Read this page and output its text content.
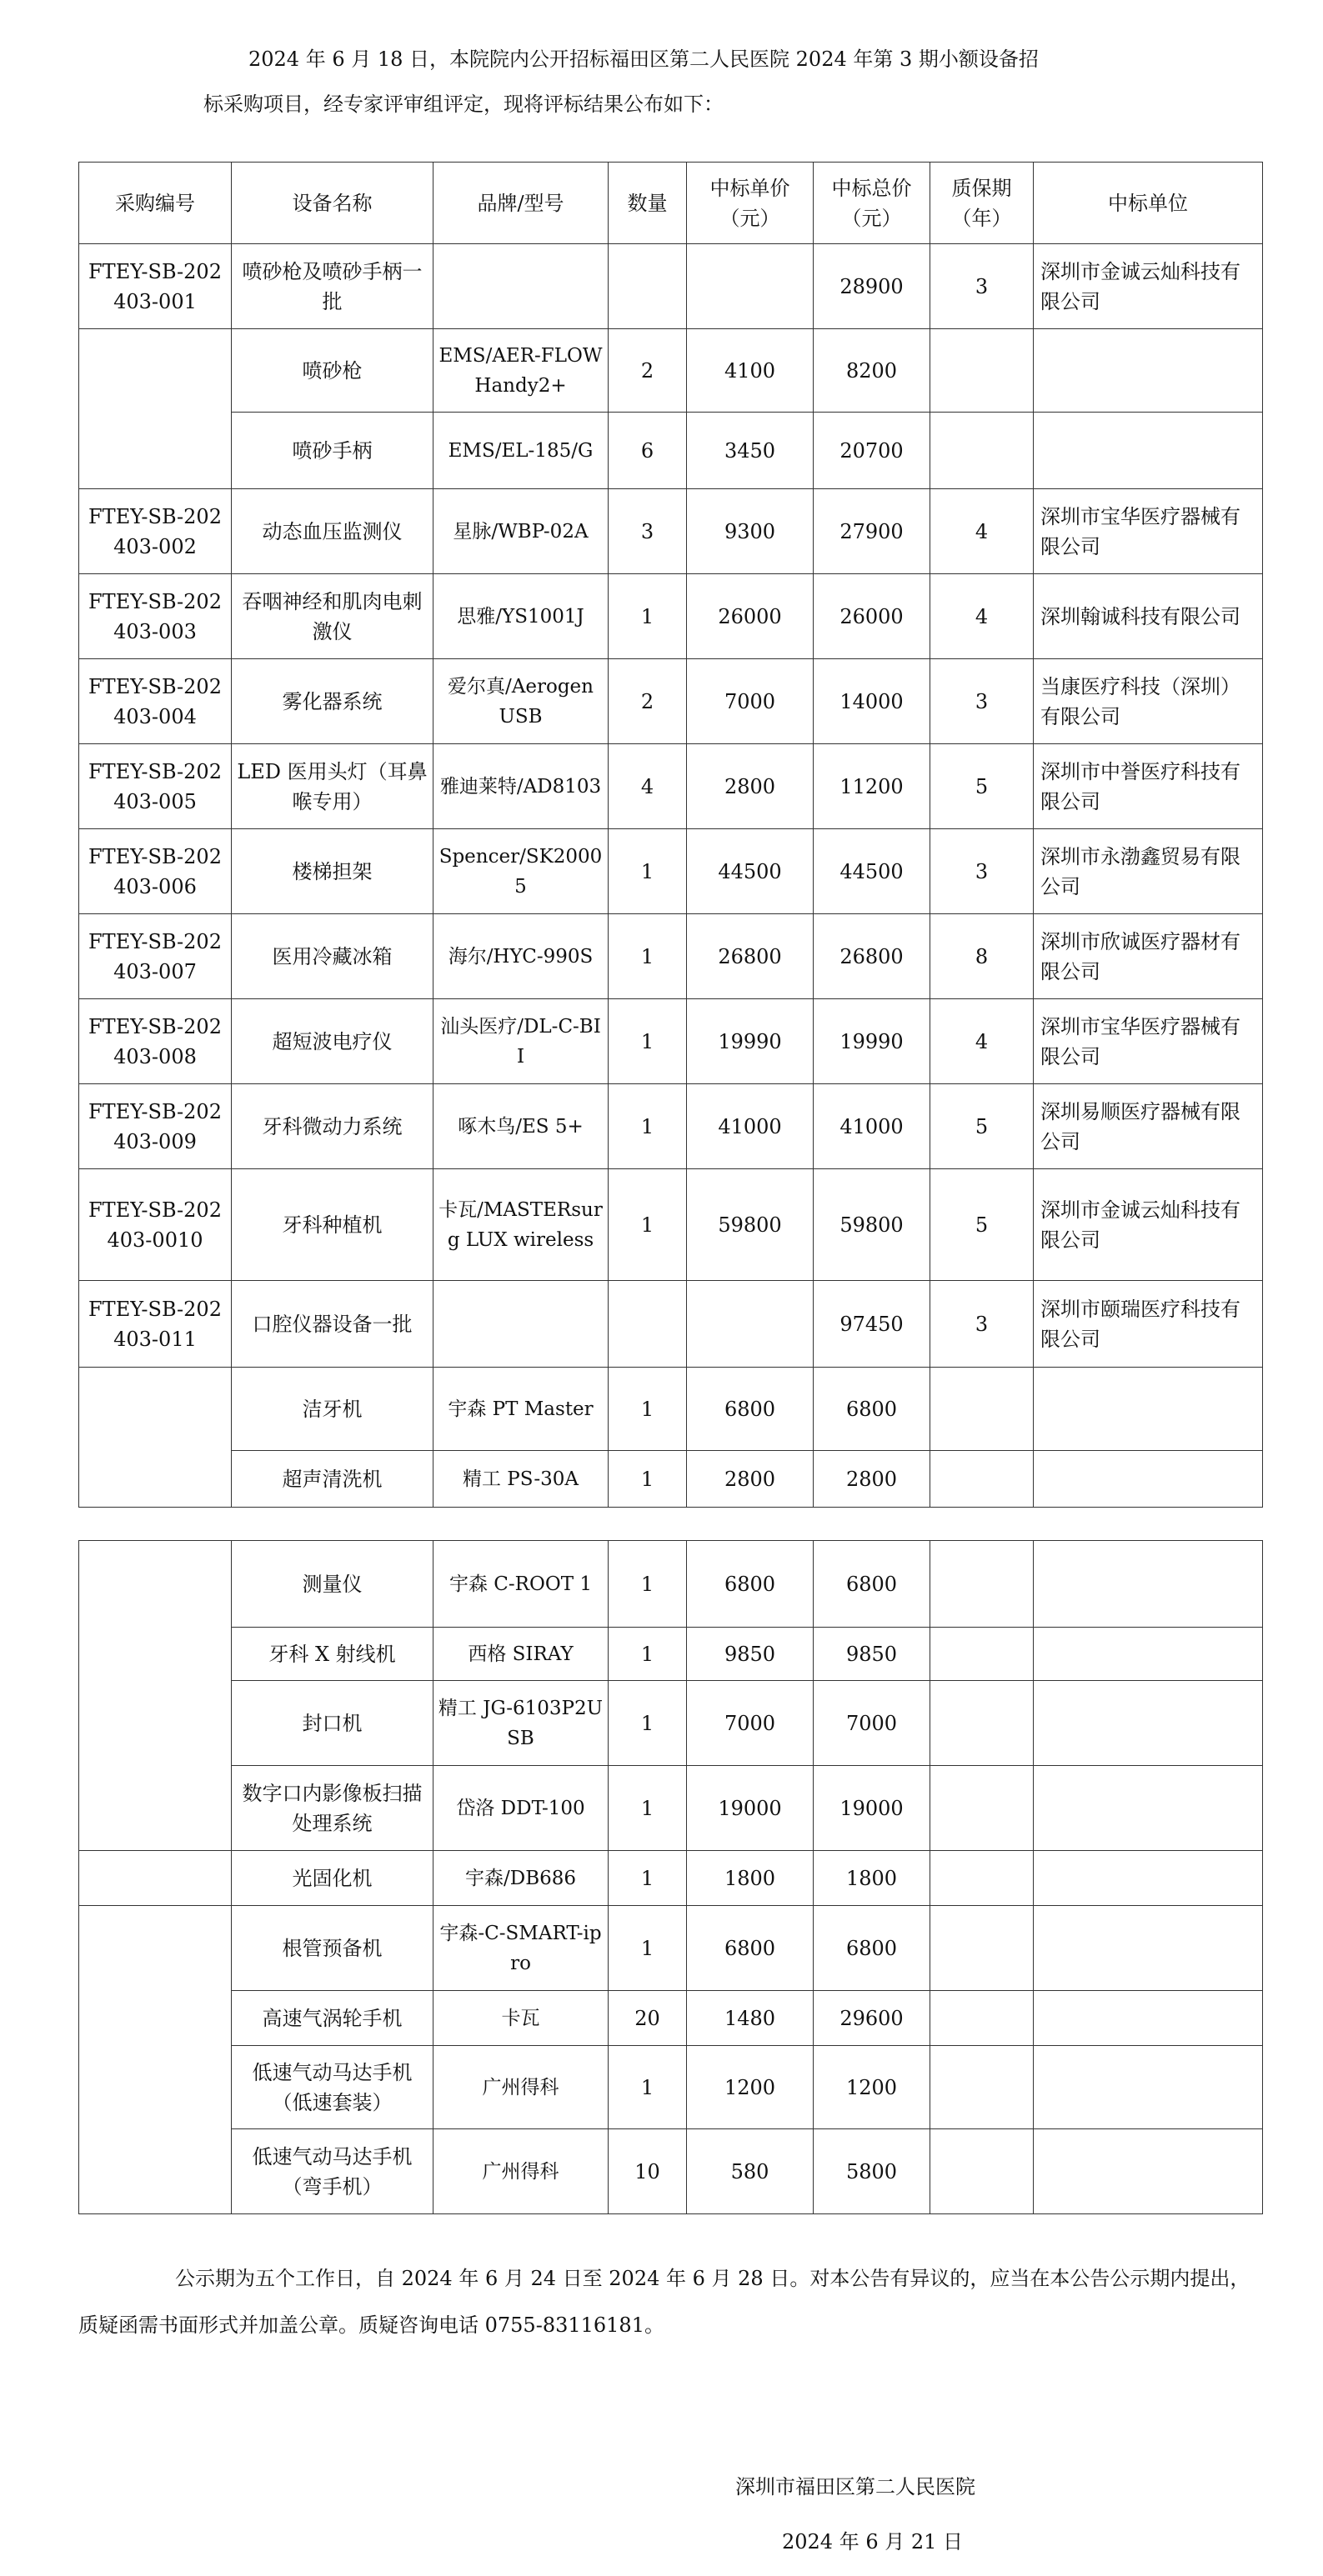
2024 年 6 月 18 日，本院院内公开招标福田区第二人民医院 2024 年第 3 期小额设备招

标采购项目，经专家评审组评定，现将评标结果公布如下：

采购编号	设备名称	品牌/型号	数量	中标单价（元）	中标总价（元）	质保期（年）	中标单位
FTEY-SB-202403-001	喷砂枪及喷砂手柄一批				28900	3	深圳市金诚云灿科技有限公司
	喷砂枪	EMS/AER-FLOW Handy2+	2	4100	8200		
	喷砂手柄	EMS/EL-185/G	6	3450	20700		
FTEY-SB-202403-002	动态血压监测仪	星脉/WBP-02A	3	9300	27900	4	深圳市宝华医疗器械有限公司
FTEY-SB-202403-003	吞咽神经和肌肉电刺激仪	思雅/YS1001J	1	26000	26000	4	深圳翰诚科技有限公司
FTEY-SB-202403-004	雾化器系统	爱尔真/Aerogen USB	2	7000	14000	3	当康医疗科技（深圳）有限公司
FTEY-SB-202403-005	LED 医用头灯（耳鼻喉专用）	雅迪莱特/AD8103	4	2800	11200	5	深圳市中誉医疗科技有限公司
FTEY-SB-202403-006	楼梯担架	Spencer/SK20005	1	44500	44500	3	深圳市永渤鑫贸易有限公司
FTEY-SB-202403-007	医用冷藏冰箱	海尔/HYC-990S	1	26800	26800	8	深圳市欣诚医疗器材有限公司
FTEY-SB-202403-008	超短波电疗仪	汕头医疗/DL-C-BII	1	19990	19990	4	深圳市宝华医疗器械有限公司
FTEY-SB-202403-009	牙科微动力系统	啄木鸟/ES 5+	1	41000	41000	5	深圳易顺医疗器械有限公司
FTEY-SB-202403-0010	牙科种植机	卡瓦/MASTERsurg LUX wireless	1	59800	59800	5	深圳市金诚云灿科技有限公司
FTEY-SB-202403-011	口腔仪器设备一批				97450	3	深圳市颐瑞医疗科技有限公司
	洁牙机	宇森 PT Master	1	6800	6800		
	超声清洗机	精工 PS-30A	1	2800	2800		
	测量仪	宇森 C-ROOT 1	1	6800	6800		
	牙科 X 射线机	西格 SIRAY	1	9850	9850		
	封口机	精工 JG-6103P2USB	1	7000	7000		
	数字口内影像板扫描处理系统	岱洛 DDT-100	1	19000	19000		
	光固化机	宇森/DB686	1	1800	1800		
	根管预备机	宇森-C-SMART-ipro	1	6800	6800		
	高速气涡轮手机	卡瓦	20	1480	29600		
	低速气动马达手机（低速套装）	广州得科	1	1200	1200		
	低速气动马达手机（弯手机）	广州得科	10	580	5800		

公示期为五个工作日，自 2024 年 6 月 24 日至 2024 年 6 月 28 日。对本公告有异议的，应当在本公告公示期内提出，质疑函需书面形式并加盖公章。质疑咨询电话 0755-83116181。

深圳市福田区第二人民医院
2024 年 6 月 21 日
